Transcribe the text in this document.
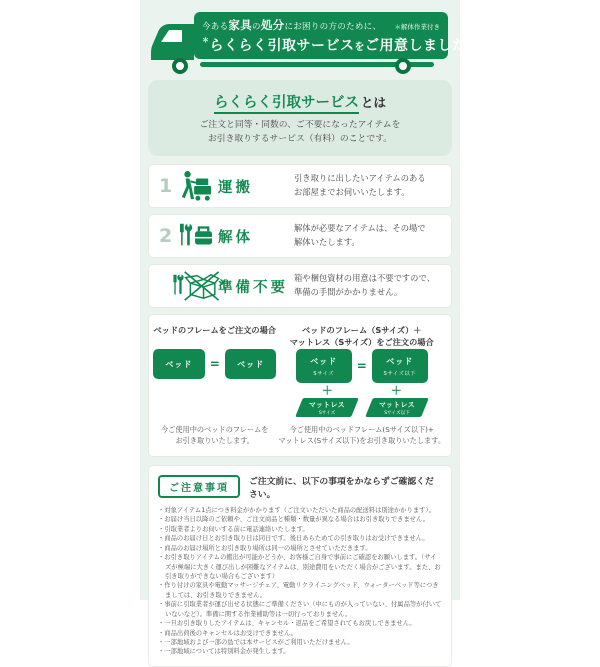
今ある家具の処分にお困りの方のために、 ＊解体作業付き
＊らくらく引取サービスをご用意しました。
らくらく引取サービス とは
ご注文と同等・同数の、ご不要になったアイテムを
お引き取りするサービス（有料）のことです。
1	運搬
引き取りに出したいアイテムのある
お部屋までお伺いいたします。
2	解体
解体が必要なアイテムは、その場で
解体いたします。
準備不要
箱や梱包資材の用意は不要ですので、
準備の手間がかかりません。
ベッドのフレームをご注文の場合
ベッド	=	ベッド
今ご使用中のベッドのフレームを
お引き取りいたします。
ベッドのフレーム（Sサイズ）＋
マットレス（Sサイズ）をご注文の場合
ベッド
Sサイズ
=	ベッド
Sサイズ以下
＋	＋
マットレス
Sサイズ
マットレス
Sサイズ以下
今ご使用中のベッドフレーム(Sサイズ以下)+
マットレス(Sサイズ以下)をお引き取りいたします。
ご注意事項
ご注文前に、以下の事項をかならずご確認ください。
・ 対象アイテム1点につき料金がかかります（ご注文いただいた商品の配送料は別途かかります）。
・ お届け当日以降のご依頼や、ご注文商品と種類・数量が異なる場合はお引き取りできません。
・ 引取業者よりお伺いする前に電話連絡いたします。
・ 商品のお届け日とお引き取り日は同日です。後日あらためての引き取りはお受けできません。
・ 商品のお届け場所とお引き取り場所は同一の場所とさせていただきます。
・ お引き取りアイテムの搬出が可能かどうか、お客様ご自身で事前にご確認をお願いします。（サイズが極端に大きく運び出しが困難なアイテムは、別途費用をいただく場合がございます。また、お引き取りができない場合もございます）
・ 作り付けの家具や電動マッサージチェア、電動リクライニングベッド、ウォーターベッド等につきましては、お引き取りできません。
・ 事前に引取業者が運び出せる状態にご準備ください（中にものが入っていない、付属品等が付いていないなど）。準備に関する作業補助等は一切行っておりません。
・ 一旦お引き取りしたアイテムは、キャンセル・返品をご希望されてもお戻しできません。
・ 商品出荷後のキャンセルはお受けできません。
・ 一部地域および一部の島では本サービスがご利用いただけません。
・ 一部地域については特別料金が発生します。
